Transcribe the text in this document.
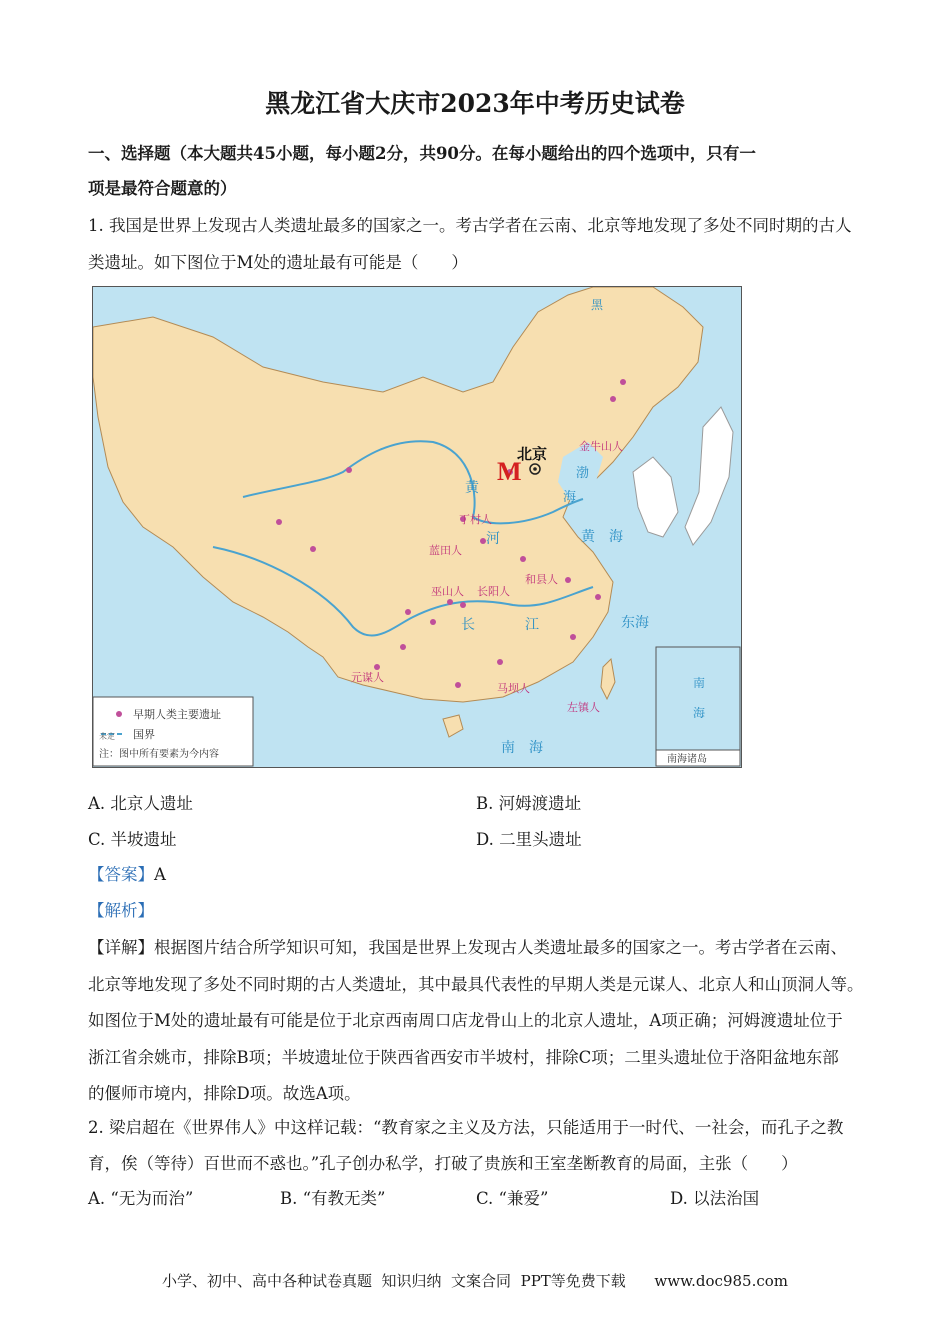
黑龙江省大庆市2023年中考历史试卷
一、选择题（本大题共45小题，每小题2分，共90分。在每小题给出的四个选项中，只有一
项是最符合题意的）
1. 我国是世界上发现古人类遗址最多的国家之一。考古学者在云南、北京等地发现了多处不同时期的古人
类遗址。如下图位于M处的遗址最有可能是（　　）
M
北京	金牛山人
丁村人
蓝田人
巫山人 长阳人
和县人
元谋人
马坝人
左镇人
黄
河
长	江
渤
海
黄　海
东海
南　海
黑
南
海
南海诸岛
早期人类主要遗址
未定 国界
注：图中所有要素为今内容
A. 北京人遗址	B. 河姆渡遗址
C. 半坡遗址	D. 二里头遗址
【答案】A
【解析】
【详解】根据图片结合所学知识可知，我国是世界上发现古人类遗址最多的国家之一。考古学者在云南、
北京等地发现了多处不同时期的古人类遗址，其中最具代表性的早期人类是元谋人、北京人和山顶洞人等。
如图位于M处的遗址最有可能是位于北京西南周口店龙骨山上的北京人遗址，A项正确；河姆渡遗址位于
浙江省余姚市，排除B项；半坡遗址位于陕西省西安市半坡村，排除C项；二里头遗址位于洛阳盆地东部
的偃师市境内，排除D项。故选A项。
2. 梁启超在《世界伟人》中这样记载：“教育家之主义及方法，只能适用于一时代、一社会，而孔子之教
育，俟（等待）百世而不惑也。”孔子创办私学，打破了贵族和王室垄断教育的局面，主张（　　）
A. “无为而治”	B. “有教无类”	C. “兼爱”	D. 以法治国
小学、初中、高中各种试卷真题  知识归纳  文案合同  PPT等免费下载 www.doc985.com
